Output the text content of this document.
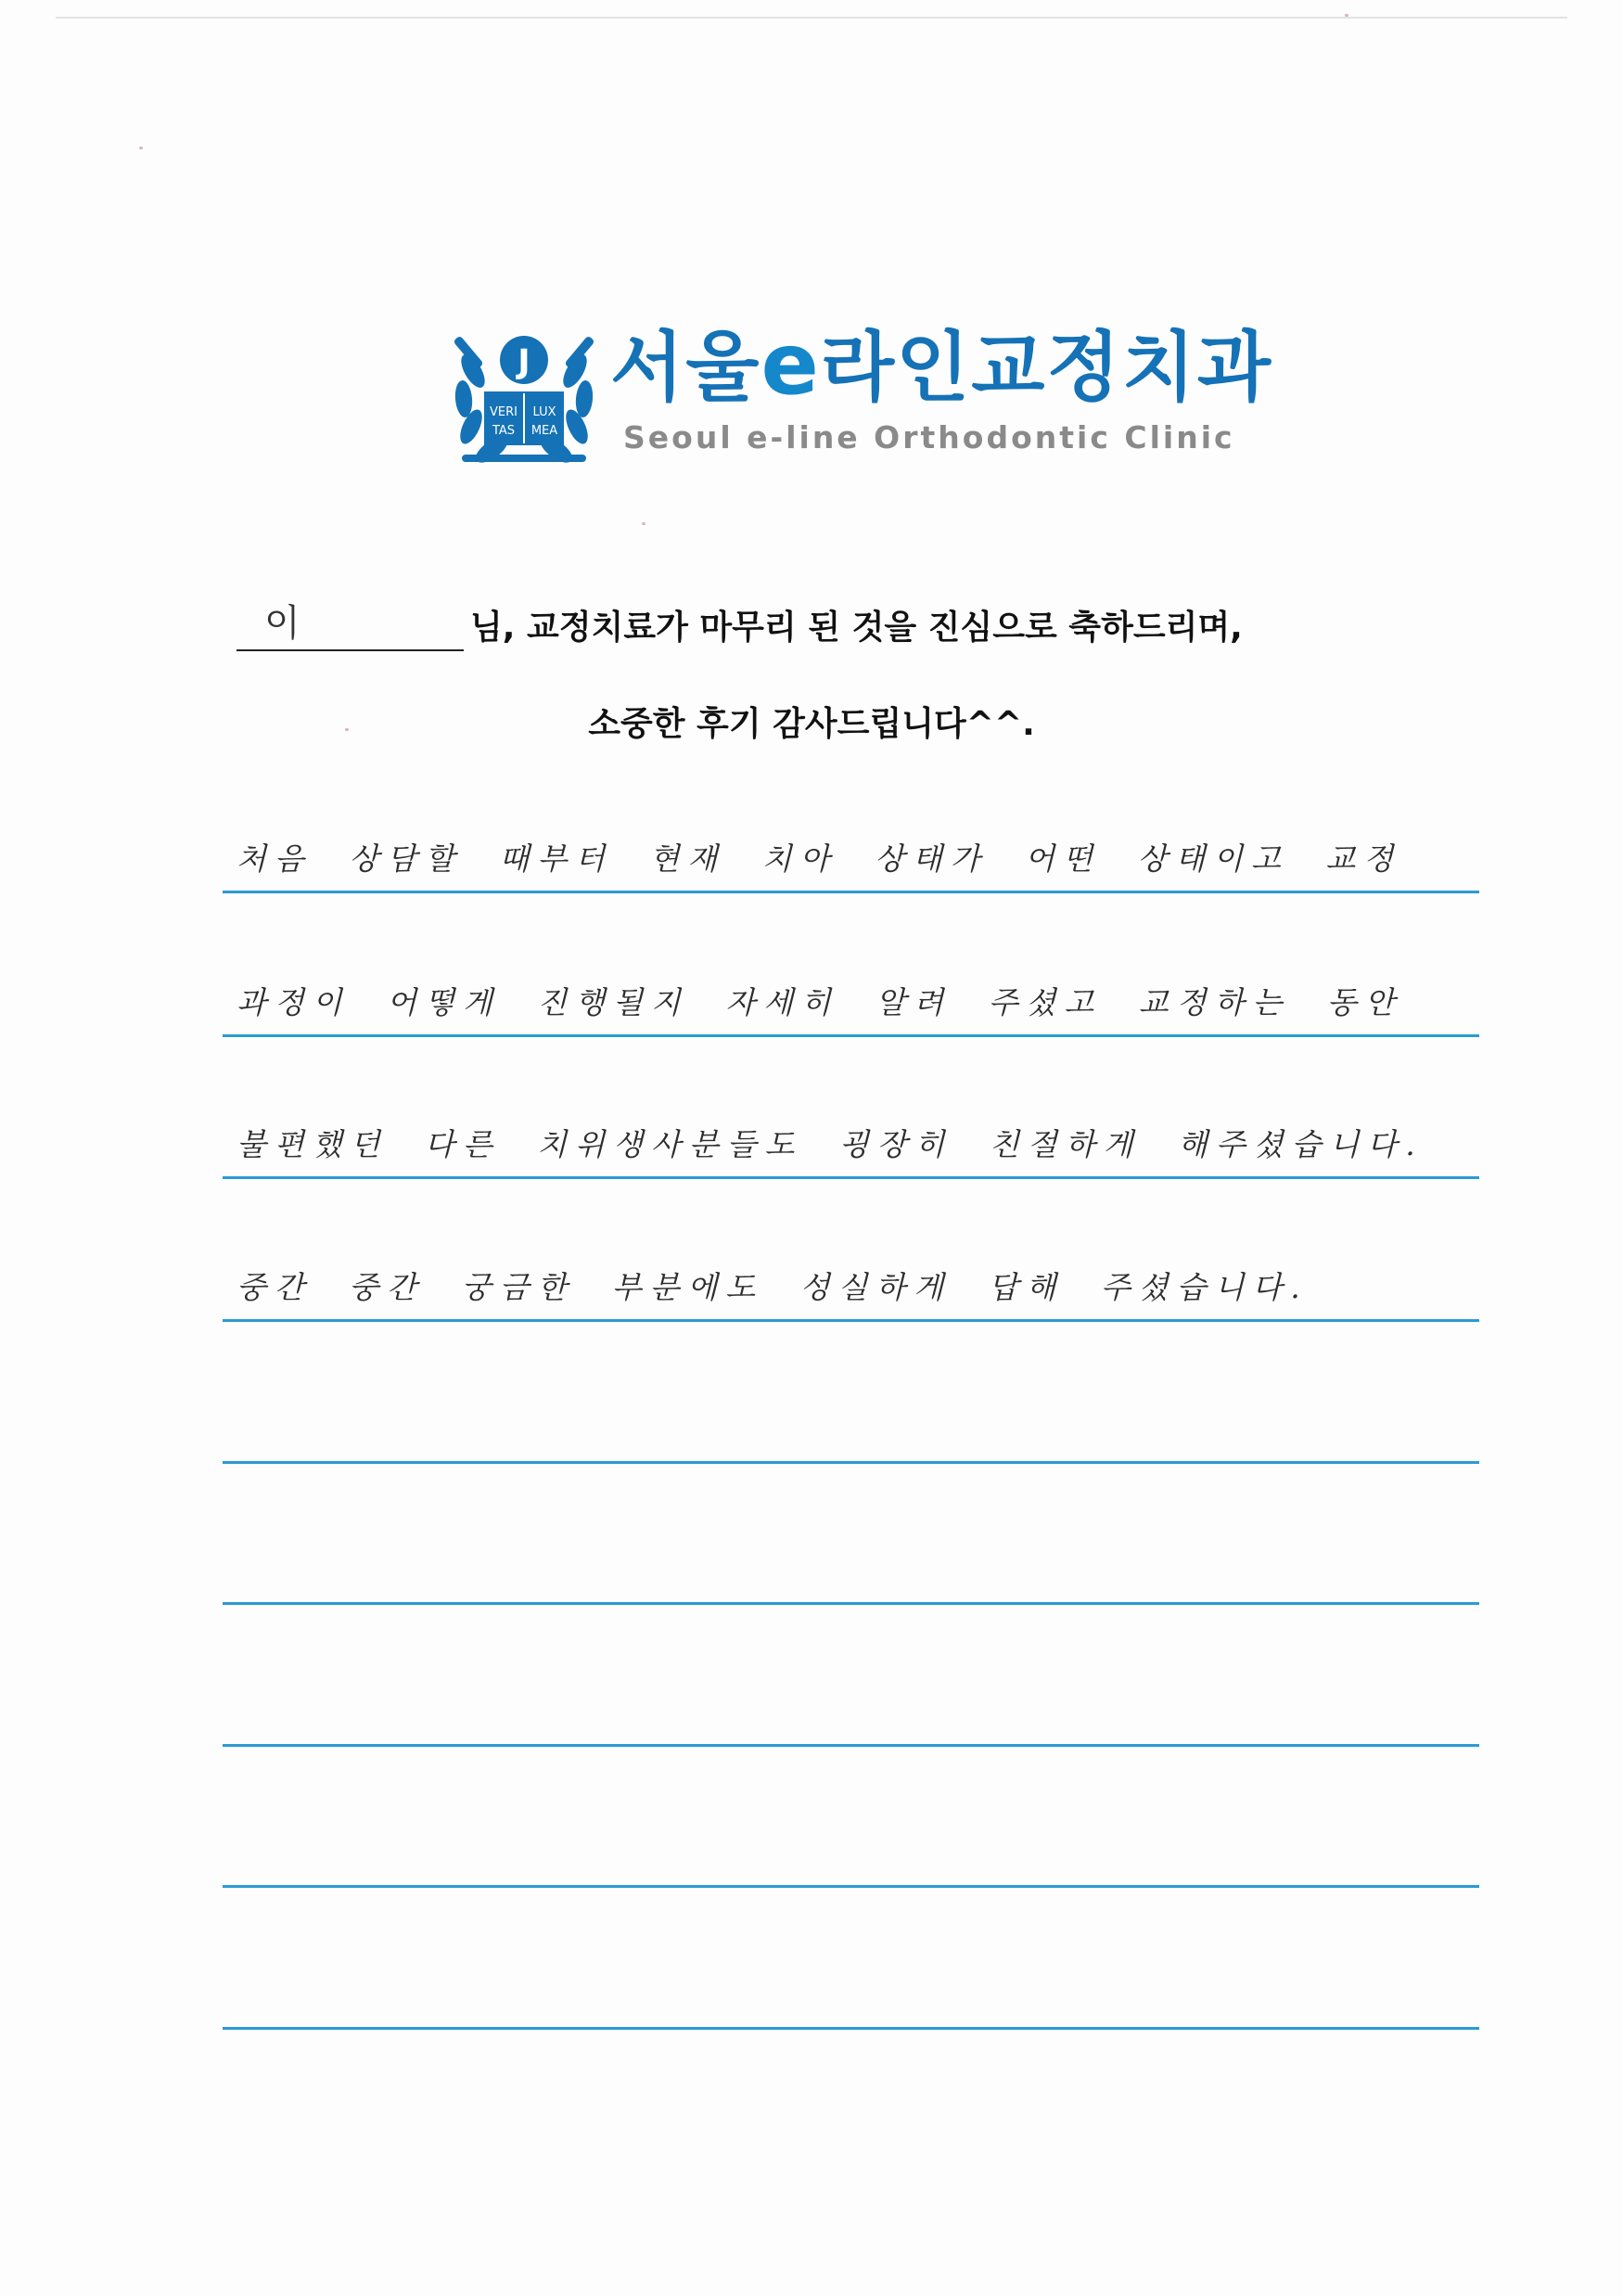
VERI LUX
TAS MEA
J 서울e라인교정치과

Seoul e-line Orthodontic Clinic

이	님, 교정치료가 마무리 된 것을 진심으로 축하드리며,

소중한 후기 감사드립니다^^.

처음 상담할 때부터 현재 치아 상태가 어떤 상태이고 교정

과정이 어떻게 진행될지 자세히 알려 주셨고 교정하는 동안

불편했던 다른 치위생사분들도 굉장히 친절하게 해주셨습니다.

중간 중간 궁금한 부분에도 성실하게 답해 주셨습니다.
